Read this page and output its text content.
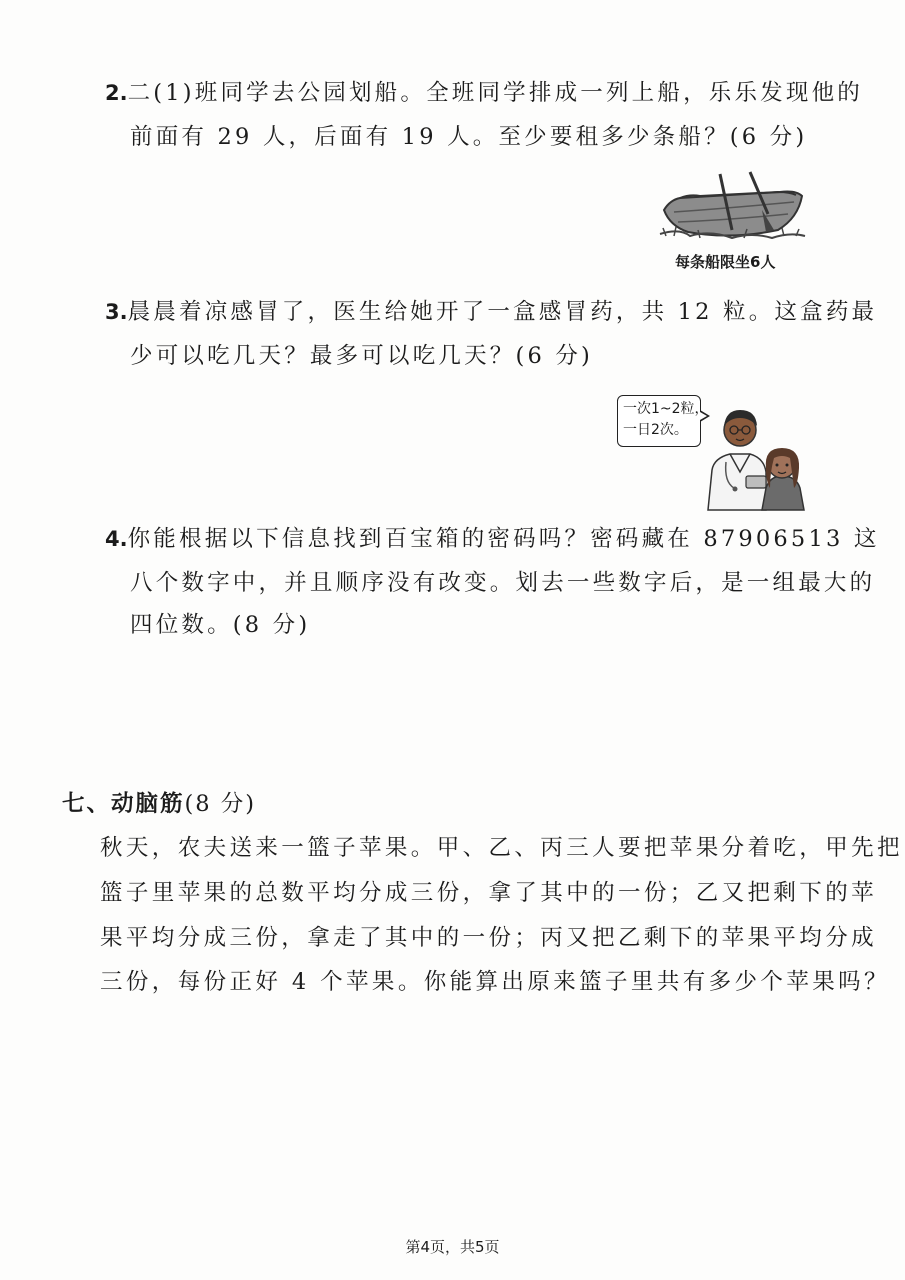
2.二(1)班同学去公园划船。全班同学排成一列上船，乐乐发现他的
前面有 29 人，后面有 19 人。至少要租多少条船？(6 分)
每条船限坐6人
3.晨晨着凉感冒了，医生给她开了一盒感冒药，共 12 粒。这盒药最
少可以吃几天？最多可以吃几天？(6 分)
一次1~2粒，
一日2次。
4.你能根据以下信息找到百宝箱的密码吗？密码藏在 87906513 这
八个数字中，并且顺序没有改变。划去一些数字后，是一组最大的
四位数。(8 分)
七、动脑筋(8 分)
秋天，农夫送来一篮子苹果。甲、乙、丙三人要把苹果分着吃，甲先把
篮子里苹果的总数平均分成三份，拿了其中的一份；乙又把剩下的苹
果平均分成三份，拿走了其中的一份；丙又把乙剩下的苹果平均分成
三份，每份正好 4 个苹果。你能算出原来篮子里共有多少个苹果吗？
第4页，共5页
